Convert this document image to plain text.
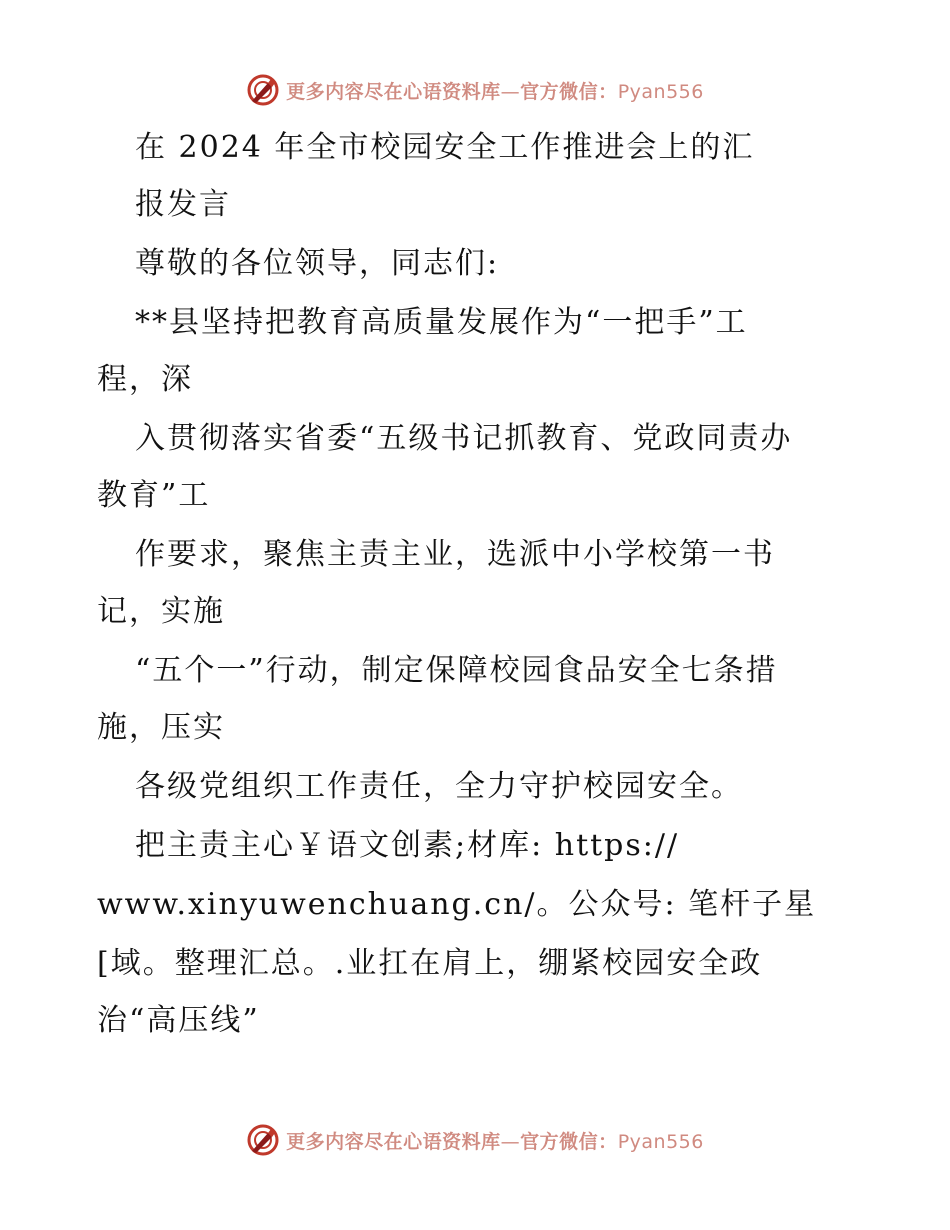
更多内容尽在心语资料库—官方微信：Pyan556
在 2024 年全市校园安全工作推进会上的汇
报发言
尊敬的各位领导，同志们:
**县坚持把教育高质量发展作为“一把手”工
程，深
入贯彻落实省委“五级书记抓教育、党政同责办
教育”工
作要求，聚焦主责主业，选派中小学校第一书
记，实施
“五个一”行动，制定保障校园食品安全七条措
施，压实
各级党组织工作责任，全力守护校园安全。
把主责主心￥语文创素;材库: https://
www.xinyuwenchuang.cn/。公众号: 笔杆子星
[域。整理汇总。.业扛在肩上，绷紧校园安全政
治“高压线”
更多内容尽在心语资料库—官方微信：Pyan556
